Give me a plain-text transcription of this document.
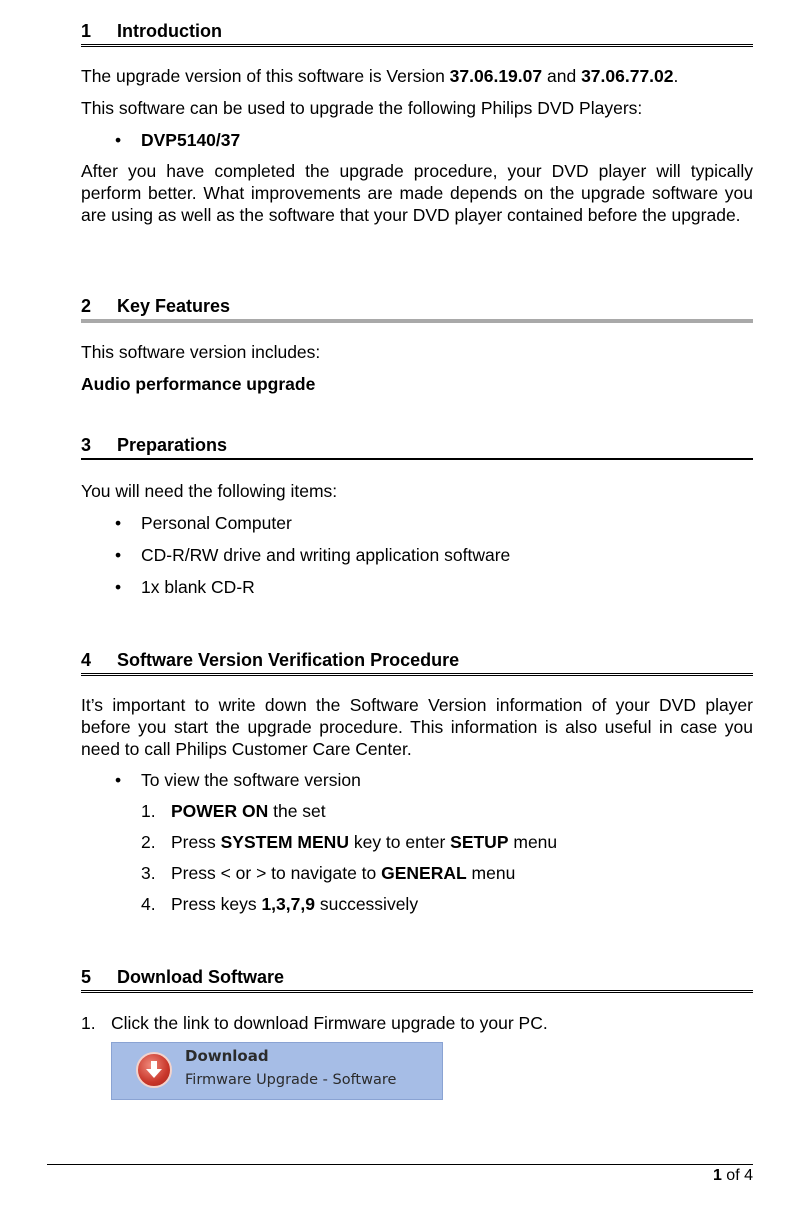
1	Introduction

The upgrade version of this software is Version 37.06.19.07 and 37.06.77.02.

This software can be used to upgrade the following Philips DVD Players:

• DVP5140/37

After you have completed the upgrade procedure, your DVD player will typically perform better. What improvements are made depends on the upgrade software you are using as well as the software that your DVD player contained before the upgrade.

2	Key Features

This software version includes:

Audio performance upgrade

3	Preparations

You will need the following items:

• Personal Computer
• CD-R/RW drive and writing application software
• 1x blank CD-R
4	Software Version Verification Procedure

It’s important to write down the Software Version information of your DVD player before you start the upgrade procedure. This information is also useful in case you need to call Philips Customer Care Center.

• To view the software version
1. POWER ON the set
2. Press SYSTEM MENU key to enter SETUP menu
3. Press < or > to navigate to GENERAL menu
4. Press keys 1,3,7,9 successively
5	Download Software
1. Click the link to download Firmware upgrade to your PC.
Download
Firmware Upgrade - Software
1 of 4
